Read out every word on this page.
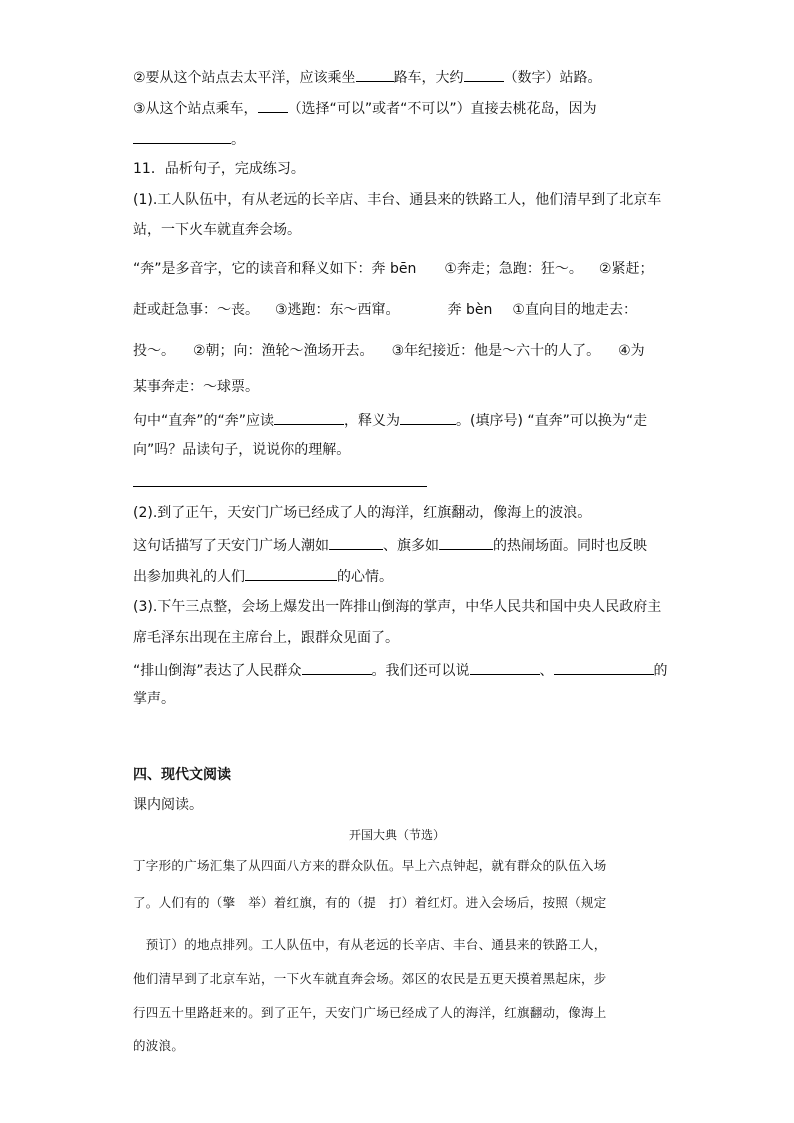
②要从这个站点去太平洋，应该乘坐	路车，大约	（数字）站路。
③从这个站点乘车， （选择“可以”或者“不可以”）直接去桃花岛，因为
。
11．品析句子，完成练习。
(1).工人队伍中，有从老远的长辛店、丰台、通县来的铁路工人，他们清早到了北京车
站，一下火车就直奔会场。
“奔”是多音字，它的读音和释义如下：奔 bēn ①奔走；急跑：狂～。 ②紧赶；
赶或赶急事：～丧。 ③逃跑：东～西窜。	奔 bèn ①直向目的地走去：
投～。 ②朝；向：渔轮～渔场开去。 ③年纪接近：他是～六十的人了。 ④为
某事奔走：～球票。
句中“直奔”的“奔”应读	，释义为	。(填序号) “直奔”可以换为“走
向”吗？品读句子，说说你的理解。
(2).到了正午，天安门广场已经成了人的海洋，红旗翻动，像海上的波浪。
这句话描写了天安门广场人潮如	、旗多如	的热闹场面。同时也反映
出参加典礼的人们	的心情。
(3).下午三点整，会场上爆发出一阵排山倒海的掌声，中华人民共和国中央人民政府主
席毛泽东出现在主席台上，跟群众见面了。
“排山倒海”表达了人民群众	。我们还可以说	、	的
掌声。
四、现代文阅读
课内阅读。
开国大典（节选）
丁字形的广场汇集了从四面八方来的群众队伍。早上六点钟起，就有群众的队伍入场
了。人们有的（擎　举）着红旗，有的（提　打）着红灯。进入会场后，按照（规定
　预订）的地点排列。工人队伍中，有从老远的长辛店、丰台、通县来的铁路工人，
他们清早到了北京车站，一下火车就直奔会场。郊区的农民是五更天摸着黑起床，步
行四五十里路赶来的。到了正午，天安门广场已经成了人的海洋，红旗翻动，像海上
的波浪。
